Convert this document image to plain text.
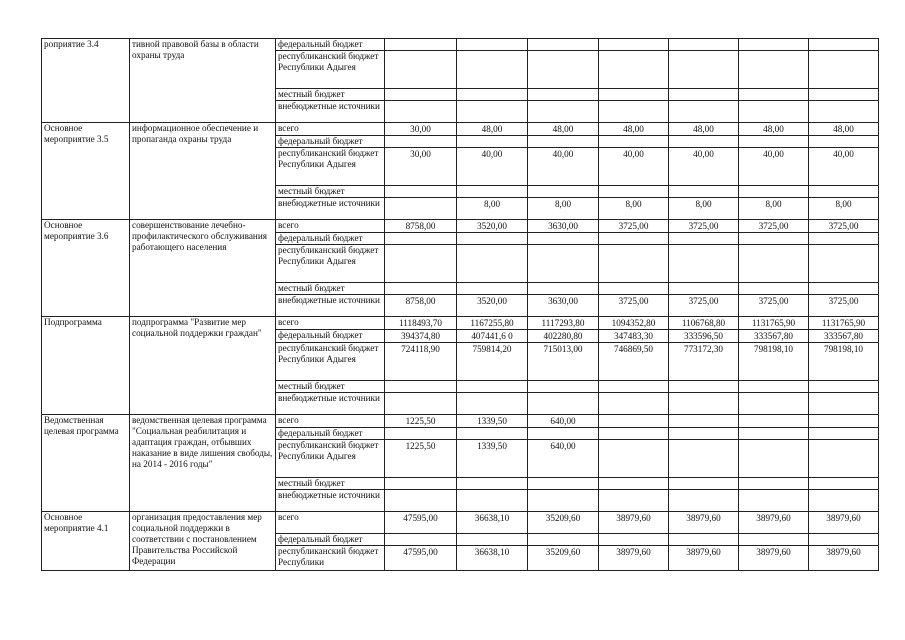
роприятие 3.4	тивной правовой базы в области охраны труда	федеральный бюджет							
		республиканский бюджет Республики Адыгея							
		местный бюджет							
		внебюджетные источники							
Основное мероприятие 3.5	информационное обеспечение и пропаганда охраны труда	всего	30,00	48,00	48,00	48,00	48,00	48,00	48,00
		федеральный бюджет							
		республиканский бюджет Республики Адыгея	30,00	40,00	40,00	40,00	40,00	40,00	40,00
		местный бюджет							
		внебюджетные источники		8,00	8,00	8,00	8,00	8,00	8,00
Основное мероприятие 3.6	совершенствование лечебно-профилактического обслуживания работающего населения	всего	8758,00	3520,00	3630,00	3725,00	3725,00	3725,00	3725,00
		федеральный бюджет							
		республиканский бюджет Республики Адыгея							
		местный бюджет							
		внебюджетные источники	8758,00	3520,00	3630,00	3725,00	3725,00	3725,00	3725,00
Подпрограмма	подпрограмма "Развитие мер социальной поддержки граждан"	всего	1118493,70	1167255,80	1117293,80	1094352,80	1106768,80	1131765,90	1131765,90
		федеральный бюджет	394374,80	407441,6 0	402280,80	347483,30	333596,50	333567,80	333567,80
		республиканский бюджет Республики Адыгея	724118,90	759814,20	715013,00	746869,50	773172,30	798198,10	798198,10
		местный бюджет							
		внебюджетные источники							
Ведомственная целевая программа	ведомственная целевая программа "Социальная реабилитация и адаптация граждан, отбывших наказание в виде лишения свободы, на 2014 - 2016 годы"	всего	1225,50	1339,50	640,00				
		федеральный бюджет							
		республиканский бюджет Республики Адыгея	1225,50	1339,50	640,00				
		местный бюджет							
		внебюджетные источники							
Основное мероприятие 4.1	организация предоставления мер социальной поддержки в соответствии с постановлением Правительства Российской Федерации	всего	47595,00	36638,10	35209,60	38979,60	38979,60	38979,60	38979,60
		федеральный бюджет							
		республиканский бюджет Республики	47595,00	36638,10	35209,60	38979,60	38979,60	38979,60	38979,60
